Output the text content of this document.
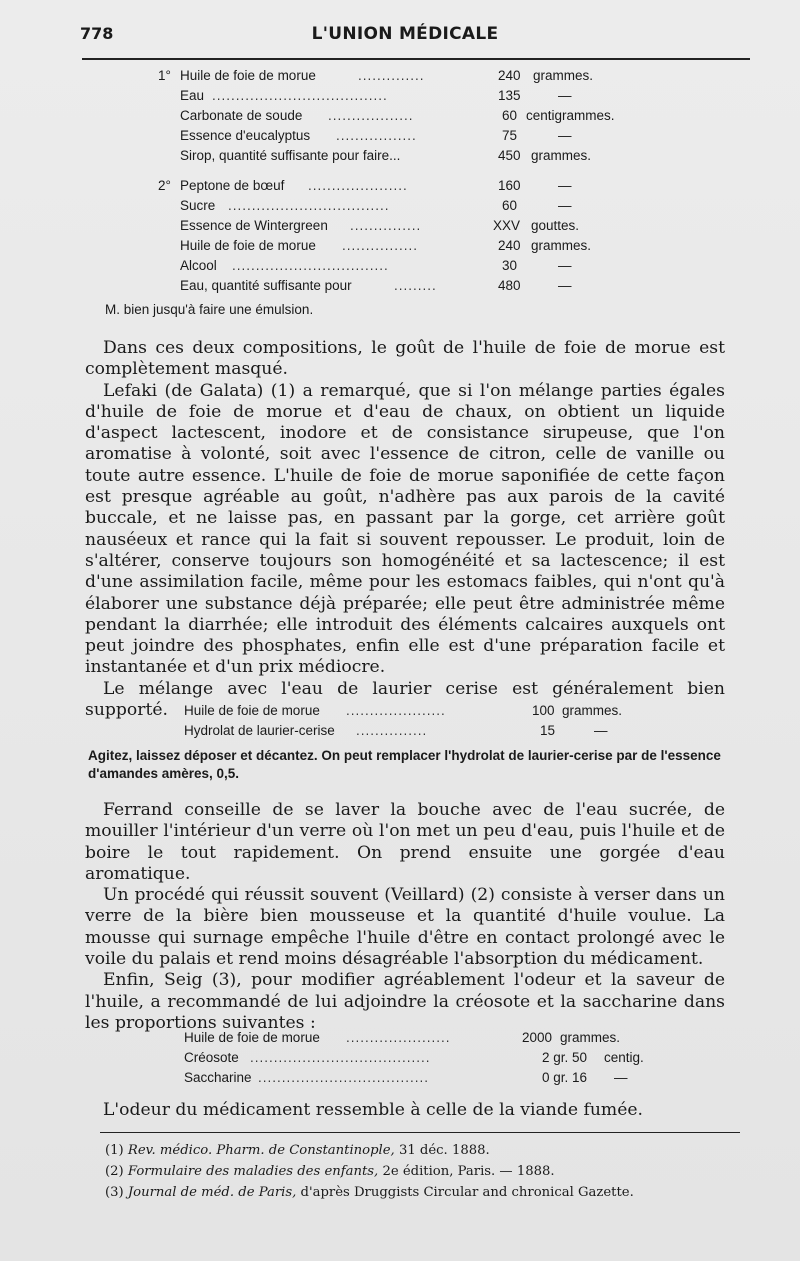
778	L'UNION MÉDICALE
1° Huile de foie de morue	..............	240 grammes.
Eau .....................................	135	—
Carbonate de soude ..................	60 centigrammes.
Essence d'eucalyptus .................	75	—
Sirop, quantité suffisante pour faire...	450 grammes.
2° Peptone de bœuf .....................	160	—
Sucre ..................................	60	—
Essence de Wintergreen ...............	XXV gouttes.
Huile de foie de morue ................	240 grammes.
Alcool .................................	30	—
Eau, quantité suffisante pour	.........	480	—
M. bien jusqu'à faire une émulsion.

Dans ces deux compositions, le goût de l'huile de foie de morue est complètement masqué.

Lefaki (de Galata) (1) a remarqué, que si l'on mélange parties égales d'huile de foie de morue et d'eau de chaux, on obtient un liquide d'aspect lactescent, inodore et de consistance sirupeuse, que l'on aromatise à volonté, soit avec l'essence de citron, celle de vanille ou toute autre essence. L'huile de foie de morue saponifiée de cette façon est presque agréable au goût, n'adhère pas aux parois de la cavité buccale, et ne laisse pas, en passant par la gorge, cet arrière goût nauséeux et rance qui la fait si souvent repousser. Le produit, loin de s'altérer, conserve toujours son homogénéité et sa lactescence; il est d'une assimilation facile, même pour les estomacs faibles, qui n'ont qu'à élaborer une substance déjà préparée; elle peut être administrée même pendant la diarrhée; elle introduit des éléments calcaires auxquels ont peut joindre des phosphates, enfin elle est d'une préparation facile et instantanée et d'un prix médiocre.

Le mélange avec l'eau de laurier cerise est généralement bien supporté.	Huile de foie de morue .....................	100 grammes.
Hydrolat de laurier-cerise ...............	15	—
Agitez, laissez déposer et décantez. On peut remplacer l'hydrolat de laurier-cerise par de l'essence d'amandes amères, 0,5.

Ferrand conseille de se laver la bouche avec de l'eau sucrée, de mouiller l'intérieur d'un verre où l'on met un peu d'eau, puis l'huile et de boire le tout rapidement. On prend ensuite une gorgée d'eau aromatique.

Un procédé qui réussit souvent (Veillard) (2) consiste à verser dans un verre de la bière bien mousseuse et la quantité d'huile voulue. La mousse qui surnage empêche l'huile d'être en contact prolongé avec le voile du palais et rend moins désagréable l'absorption du médicament.

Enfin, Seig (3), pour modifier agréablement l'odeur et la saveur de l'huile, a recommandé de lui adjoindre la créosote et la saccharine dans les proportions suivantes :

Huile de foie de morue ......................	2000 grammes.
Créosote ......................................	2 gr. 50 centig.
Saccharine ....................................	0 gr. 16 —

L'odeur du médicament ressemble à celle de la viande fumée.

(1) Rev. médico. Pharm. de Constantinople, 31 déc. 1888.
(2) Formulaire des maladies des enfants, 2e édition, Paris. — 1888.
(3) Journal de méd. de Paris, d'après Druggists Circular and chronical Gazette.
